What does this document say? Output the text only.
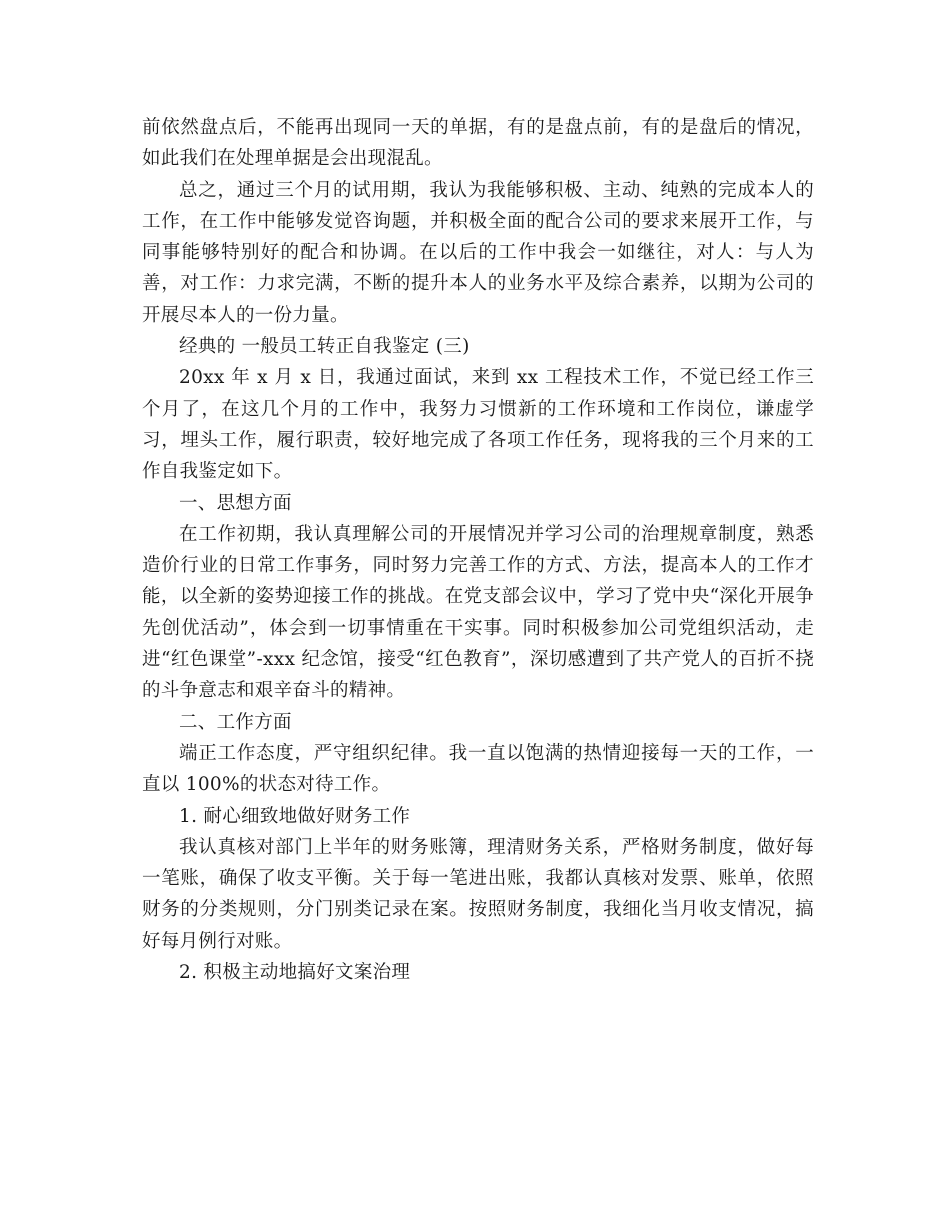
前依然盘点后，不能再出现同一天的单据，有的是盘点前，有的是盘后的情况，如此我们在处理单据是会出现混乱。

总之，通过三个月的试用期，我认为我能够积极、主动、纯熟的完成本人的工作，在工作中能够发觉咨询题，并积极全面的配合公司的要求来展开工作，与同事能够特别好的配合和协调。在以后的工作中我会一如继往，对人：与人为善，对工作：力求完满，不断的提升本人的业务水平及综合素养，以期为公司的开展尽本人的一份力量。

经典的 一般员工转正自我鉴定 (三)

20xx 年 x 月 x 日，我通过面试，来到 xx 工程技术工作，不觉已经工作三个月了，在这几个月的工作中，我努力习惯新的工作环境和工作岗位，谦虚学习，埋头工作，履行职责，较好地完成了各项工作任务，现将我的三个月来的工作自我鉴定如下。

一、思想方面

在工作初期，我认真理解公司的开展情况并学习公司的治理规章制度，熟悉造价行业的日常工作事务，同时努力完善工作的方式、方法，提高本人的工作才能，以全新的姿势迎接工作的挑战。在党支部会议中，学习了党中央“深化开展争先创优活动”，体会到一切事情重在干实事。同时积极参加公司党组织活动，走进“红色课堂”-xxx 纪念馆，接受“红色教育”，深切感遭到了共产党人的百折不挠的斗争意志和艰辛奋斗的精神。

二、工作方面

端正工作态度，严守组织纪律。我一直以饱满的热情迎接每一天的工作，一直以 100%的状态对待工作。

1. 耐心细致地做好财务工作

我认真核对部门上半年的财务账簿，理清财务关系，严格财务制度，做好每一笔账，确保了收支平衡。关于每一笔进出账，我都认真核对发票、账单，依照财务的分类规则，分门别类记录在案。按照财务制度，我细化当月收支情况，搞好每月例行对账。

2. 积极主动地搞好文案治理
